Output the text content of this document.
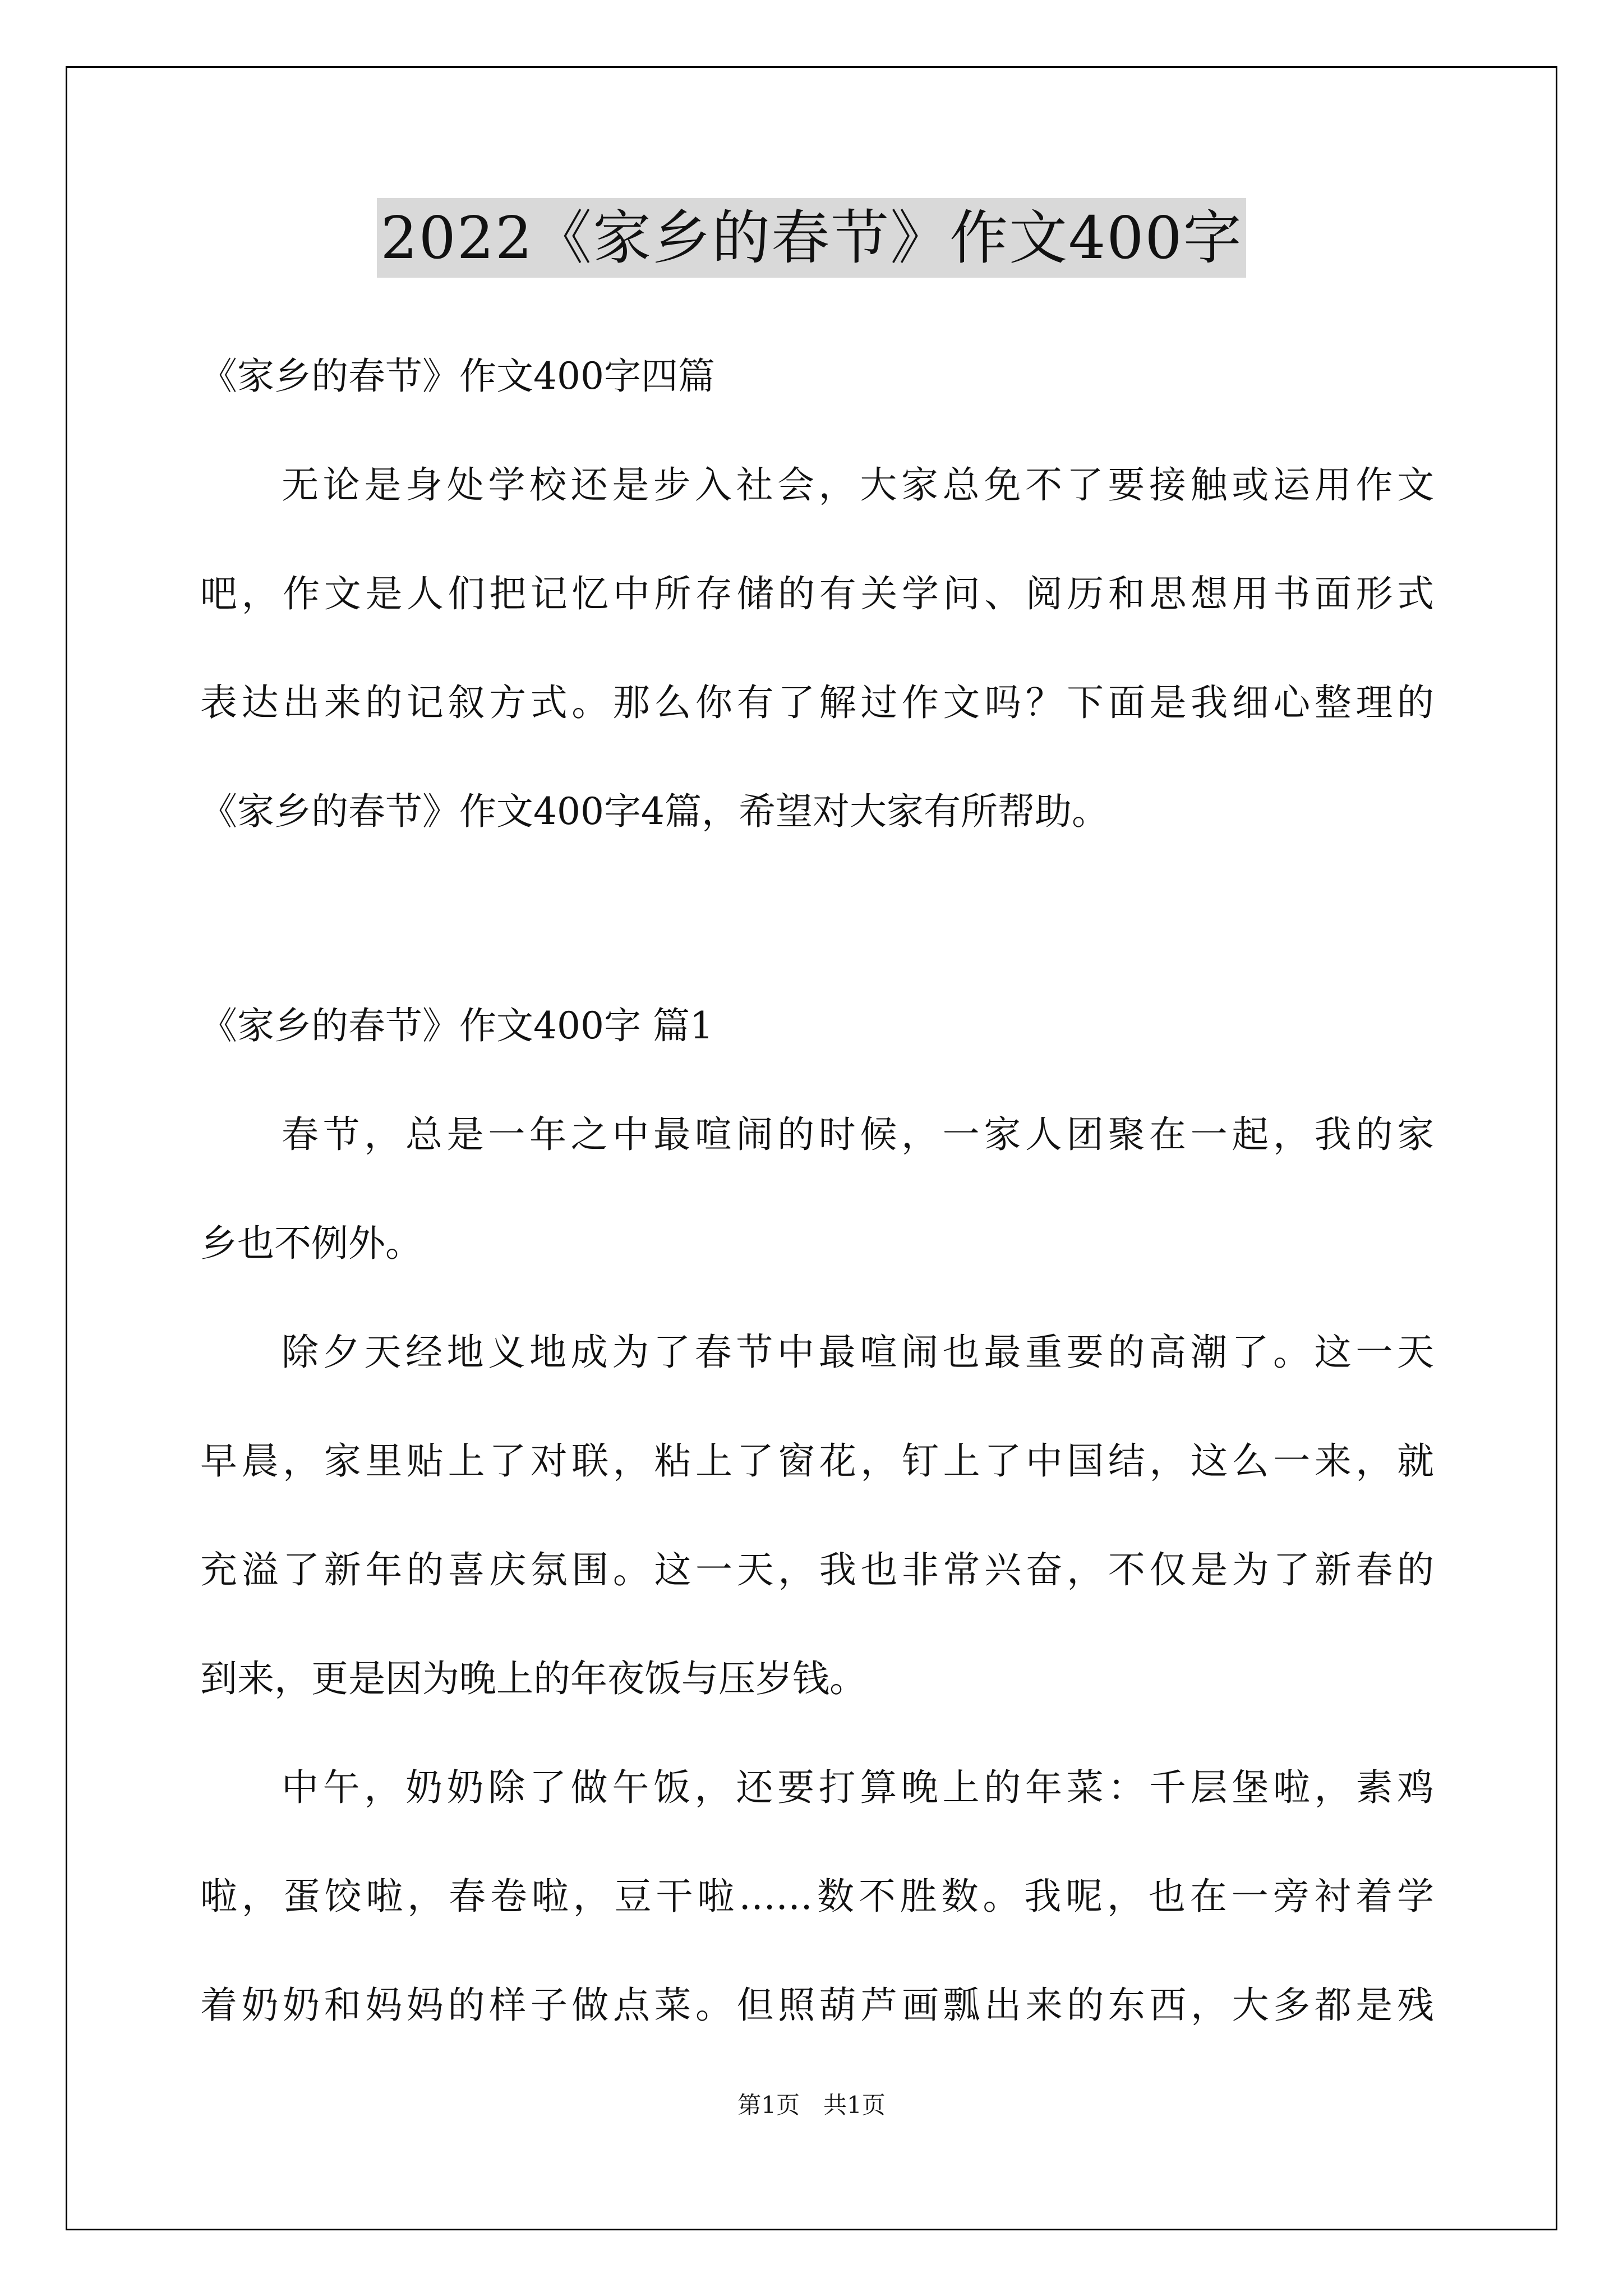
2022《家乡的春节》作文400字
《家乡的春节》作文400字四篇
无论是身处学校还是步入社会，大家总免不了要接触或运用作文
吧，作文是人们把记忆中所存储的有关学问、阅历和思想用书面形式
表达出来的记叙方式。那么你有了解过作文吗？下面是我细心整理的
《家乡的春节》作文400字4篇，希望对大家有所帮助。
《家乡的春节》作文400字 篇1
春节，总是一年之中最喧闹的时候，一家人团聚在一起，我的家
乡也不例外。
除夕天经地义地成为了春节中最喧闹也最重要的高潮了。这一天
早晨，家里贴上了对联，粘上了窗花，钉上了中国结，这么一来，就
充溢了新年的喜庆氛围。这一天，我也非常兴奋，不仅是为了新春的
到来，更是因为晚上的年夜饭与压岁钱。
中午，奶奶除了做午饭，还要打算晚上的年菜：千层堡啦，素鸡
啦，蛋饺啦，春卷啦，豆干啦……数不胜数。我呢，也在一旁衬着学
着奶奶和妈妈的样子做点菜。但照葫芦画瓢出来的东西，大多都是残
第1页　共1页
